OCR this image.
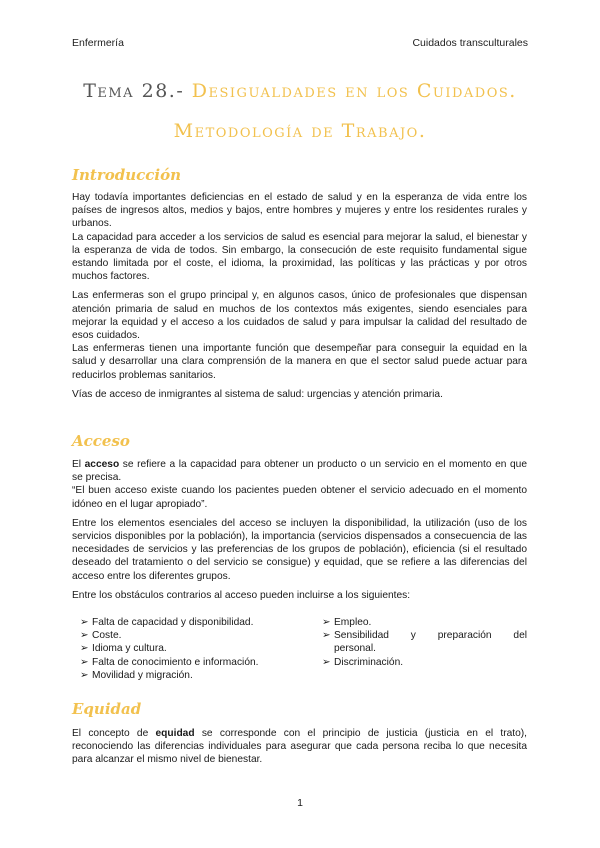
Enfermería	Cuidados transculturales
Tema 28.- Desigualdades en los Cuidados.
Metodología de Trabajo.
Introducción

Hay todavía importantes deficiencias en el estado de salud y en la esperanza de vida entre los países de ingresos altos, medios y bajos, entre hombres y mujeres y entre los residentes rurales y urbanos.

La capacidad para acceder a los servicios de salud es esencial para mejorar la salud, el bienestar y la esperanza de vida de todos. Sin embargo, la consecución de este requisito fundamental sigue estando limitada por el coste, el idioma, la proximidad, las políticas y las prácticas y por otros muchos factores.

Las enfermeras son el grupo principal y, en algunos casos, único de profesionales que dispensan atención primaria de salud en muchos de los contextos más exigentes, siendo esenciales para mejorar la equidad y el acceso a los cuidados de salud y para impulsar la calidad del resultado de esos cuidados.

Las enfermeras tienen una importante función que desempeñar para conseguir la equidad en la salud y desarrollar una clara comprensión de la manera en que el sector salud puede actuar para reducirlos problemas sanitarios.

Vías de acceso de inmigrantes al sistema de salud: urgencias y atención primaria.

Acceso

El acceso se refiere a la capacidad para obtener un producto o un servicio en el momento en que se precisa.

“El buen acceso existe cuando los pacientes pueden obtener el servicio adecuado en el momento idóneo en el lugar apropiado”.

Entre los elementos esenciales del acceso se incluyen la disponibilidad, la utilización (uso de los servicios disponibles por la población), la importancia (servicios dispensados a consecuencia de las necesidades de servicios y las preferencias de los grupos de población), eficiencia (si el resultado deseado del tratamiento o del servicio se consigue) y equidad, que se refiere a las diferencias del acceso entre los diferentes grupos.

Entre los obstáculos contrarios al acceso pueden incluirse a los siguientes:

➢ Falta de capacidad y disponibilidad.
➢ Coste.
➢ Idioma y cultura.
➢ Falta de conocimiento e información.
➢ Movilidad y migración.
➢ Empleo.
➢ Sensibilidad y preparación del
personal.
➢ Discriminación.
Equidad

El concepto de equidad se corresponde con el principio de justicia (justicia en el trato), reconociendo las diferencias individuales para asegurar que cada persona reciba lo que necesita para alcanzar el mismo nivel de bienestar.

1
